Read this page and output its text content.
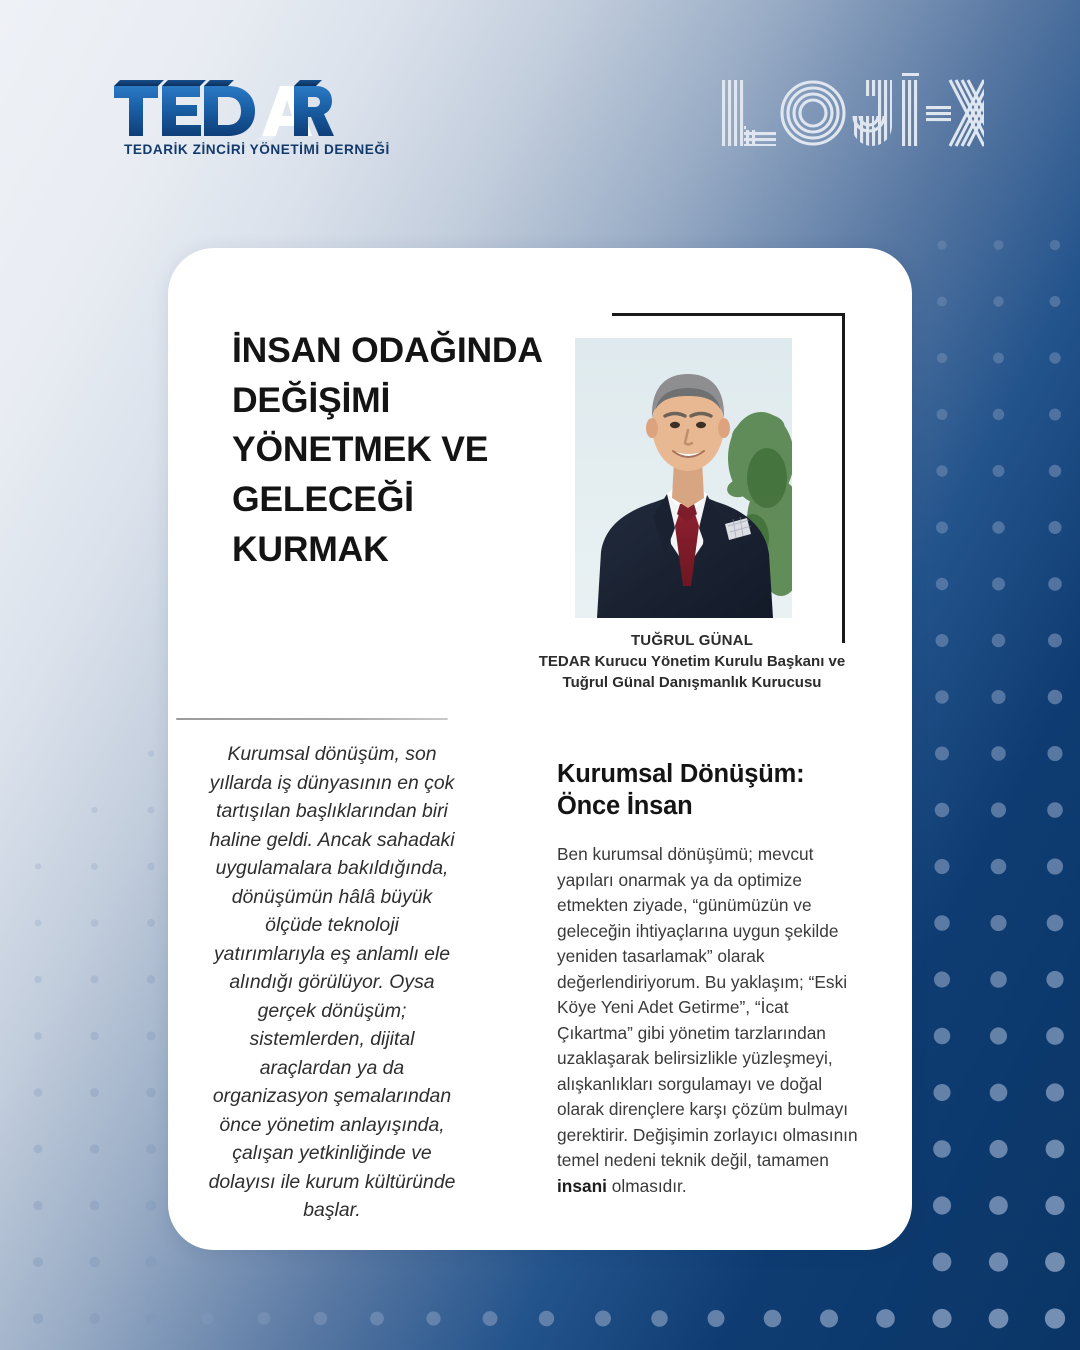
TEDARİK ZİNCİRİ YÖNETİMİ DERNEĞİ
İNSAN ODAĞINDA DEĞİŞİMİ YÖNETMEK VE GELECEĞİ KURMAK
TUĞRUL GÜNAL
TEDAR Kurucu Yönetim Kurulu Başkanı ve Tuğrul Günal Danışmanlık Kurucusu

Kurumsal dönüşüm, son yıllarda iş dünyasının en çok tartışılan başlıklarından biri haline geldi. Ancak sahadaki uygulamalara bakıldığında, dönüşümün hâlâ büyük ölçüde teknoloji yatırımlarıyla eş anlamlı ele alındığı görülüyor. Oysa gerçek dönüşüm; sistemlerden, dijital araçlardan ya da organizasyon şemalarından önce yönetim anlayışında, çalışan yetkinliğinde ve dolayısı ile kurum kültüründe başlar.

Kurumsal Dönüşüm: Önce İnsan

Ben kurumsal dönüşümü; mevcut yapıları onarmak ya da optimize etmekten ziyade, “günümüzün ve geleceğin ihtiyaçlarına uygun şekilde yeniden tasarlamak” olarak değerlendiriyorum. Bu yaklaşım; “Eski Köye Yeni Adet Getirme”, “İcat Çıkartma” gibi yönetim tarzlarından uzaklaşarak belirsizlikle yüzleşmeyi, alışkanlıkları sorgulamayı ve doğal olarak dirençlere karşı çözüm bulmayı gerektirir. Değişimin zorlayıcı olmasının temel nedeni teknik değil, tamamen insani olmasıdır.
